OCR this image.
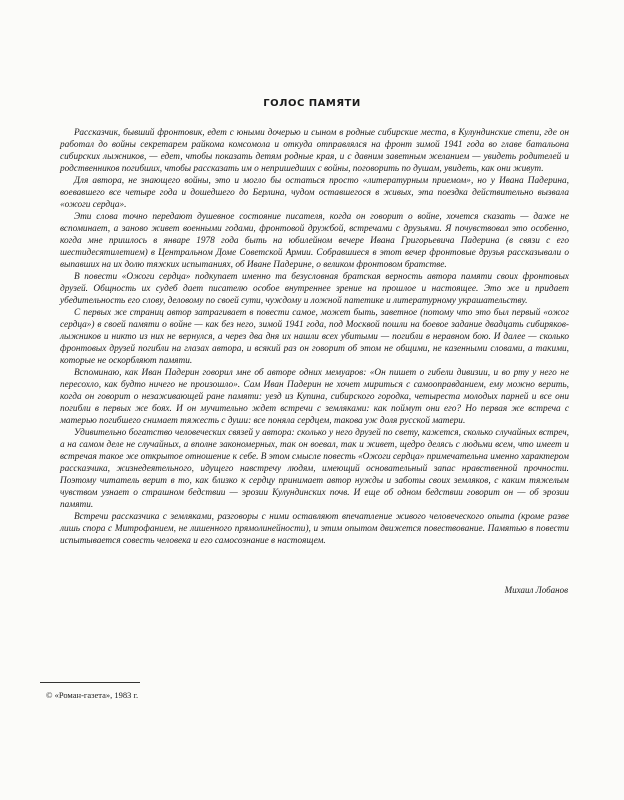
ГОЛОС ПАМЯТИ

Рассказчик, бывший фронтовик, едет с юными дочерью и сыном в родные сибирские места, в Кулундинские степи, где он работал до войны секретарем райкома комсомола и откуда отправлялся на фронт зимой 1941 года во главе батальона сибирских лыжников, — едет, чтобы показать детям родные края, и с давним заветным желанием — увидеть родителей и родственников погибших, чтобы рассказать им о непришедших с войны, поговорить по душам, увидеть, как они живут.

Для автора, не знающего войны, это и могло бы остаться просто «литературным приемом», но у Ивана Падерина, воевавшего все четыре года и дошедшего до Берлина, чудом оставшегося в живых, эта поездка действительно вызвала «ожоги сердца».

Эти слова точно передают душевное состояние писателя, когда он говорит о войне, хочется сказать — даже не вспоминает, а заново живет военными годами, фронтовой дружбой, встречами с друзьями. Я почувствовал это особенно, когда мне пришлось в январе 1978 года быть на юбилейном вечере Ивана Григорьевича Падерина (в связи с его шестидесятилетием) в Центральном Доме Советской Армии. Собравшиеся в этот вечер фронтовые друзья рассказывали о выпавших на их долю тяжких испытаниях, об Иване Падерине, о великом фронтовом братстве.

В повести «Ожоги сердца» подкупает именно та безусловная братская верность автора памяти своих фронтовых друзей. Общность их судеб дает писателю особое внутреннее зрение на прошлое и настоящее. Это же и придает убедительность его слову, деловому по своей сути, чуждому и ложной патетике и литературному украшательству.

С первых же страниц автор затрагивает в повести самое, может быть, заветное (потому что это был первый «ожог сердца») в своей памяти о войне — как без него, зимой 1941 года, под Москвой пошли на боевое задание двадцать сибиряков-лыжников и никто из них не вернулся, а через два дня их нашли всех убитыми — погибли в неравном бою. И далее — сколько фронтовых друзей погибли на глазах автора, и всякий раз он говорит об этом не общими, не казенными словами, а такими, которые не оскорбляют памяти.

Вспоминаю, как Иван Падерин говорил мне об авторе одних мемуаров: «Он пишет о гибели дивизии, и во рту у него не пересохло, как будто ничего не произошло». Сам Иван Падерин не хочет мириться с самооправданием, ему можно верить, когда он говорит о незаживающей ране памяти: уезд из Купина, сибирского городка, четыреста молодых парней и все они погибли в первых же боях. И он мучительно ждет встречи с земляками: как поймут они его? Но первая же встреча с матерью погибшего снимает тяжесть с души: все поняла сердцем, такова уж доля русской матери.

Удивительно богатство человеческих связей у автора: сколько у него друзей по свету, кажется, сколько случайных встреч, а на самом деле не случайных, а вполне закономерных, так он воевал, так и живет, щедро делясь с людьми всем, что имеет и встречая такое же открытое отношение к себе. В этом смысле повесть «Ожоги сердца» примечательна именно характером рассказчика, жизнедеятельного, идущего навстречу людям, имеющий основательный запас нравственной прочности. Поэтому читатель верит в то, как близко к сердцу принимает автор нужды и заботы своих земляков, с каким тяжелым чувством узнает о страшном бедствии — эрозии Кулундинских почв. И еще об одном бедствии говорит он — об эрозии памяти.

Встречи рассказчика с земляками, разговоры с ними оставляют впечатление живого человеческого опыта (кроме разве лишь спора с Митрофанием, не лишенного прямолинейности), и этим опытом движется повествование. Памятью в повести испытывается совесть человека и его самосознание в настоящем.

Михаил Лобанов
© «Роман-газета», 1983 г.
